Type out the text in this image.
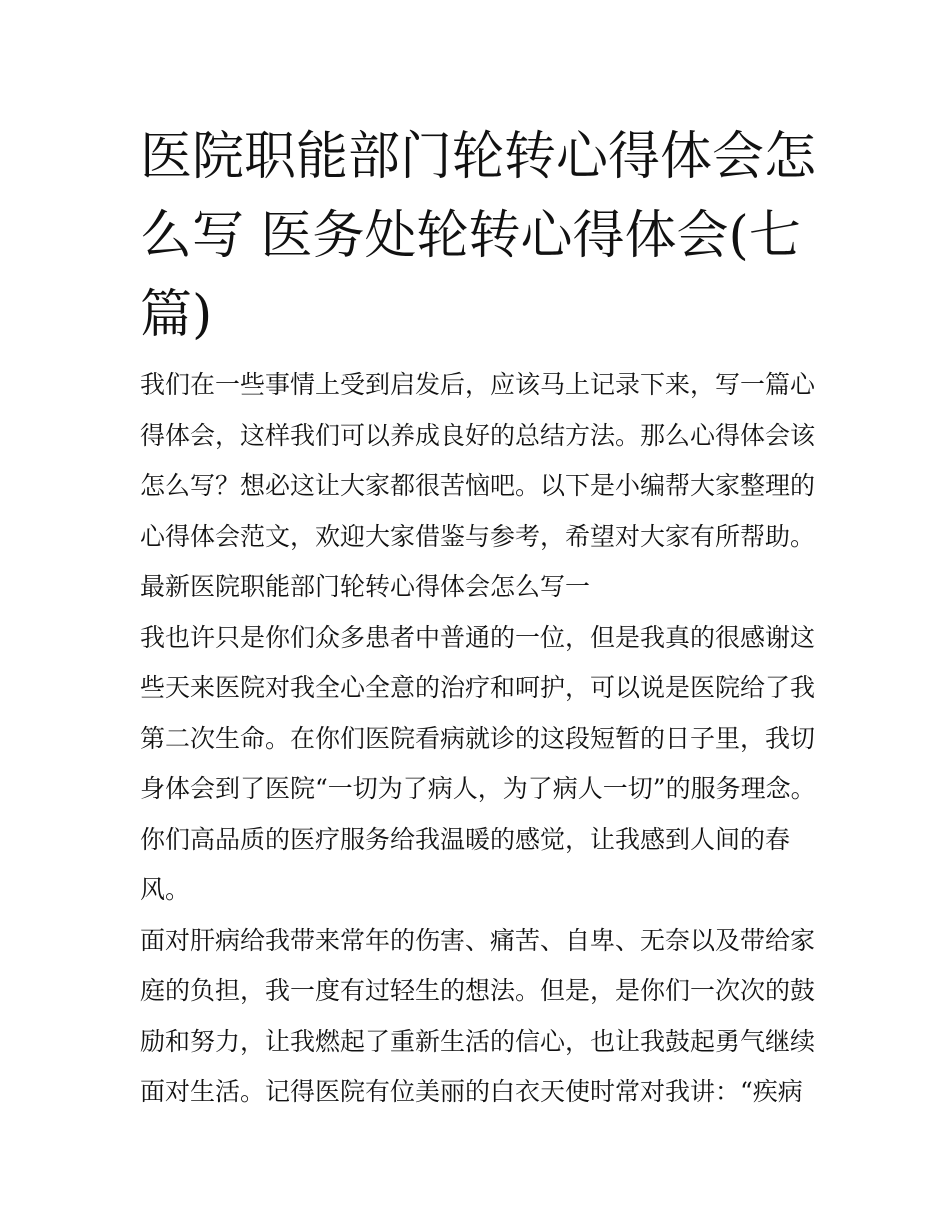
医院职能部门轮转心得体会怎
么写 医务处轮转心得体会(七
篇)
我们在一些事情上受到启发后，应该马上记录下来，写一篇心
得体会，这样我们可以养成良好的总结方法。那么心得体会该
怎么写？想必这让大家都很苦恼吧。以下是小编帮大家整理的
心得体会范文，欢迎大家借鉴与参考，希望对大家有所帮助。
最新医院职能部门轮转心得体会怎么写一
我也许只是你们众多患者中普通的一位，但是我真的很感谢这
些天来医院对我全心全意的治疗和呵护，可以说是医院给了我
第二次生命。在你们医院看病就诊的这段短暂的日子里，我切
身体会到了医院“一切为了病人，为了病人一切”的服务理念。
你们高品质的医疗服务给我温暖的感觉，让我感到人间的春
风。
面对肝病给我带来常年的伤害、痛苦、自卑、无奈以及带给家
庭的负担，我一度有过轻生的想法。但是，是你们一次次的鼓
励和努力，让我燃起了重新生活的信心，也让我鼓起勇气继续
面对生活。记得医院有位美丽的白衣天使时常对我讲：“疾病
